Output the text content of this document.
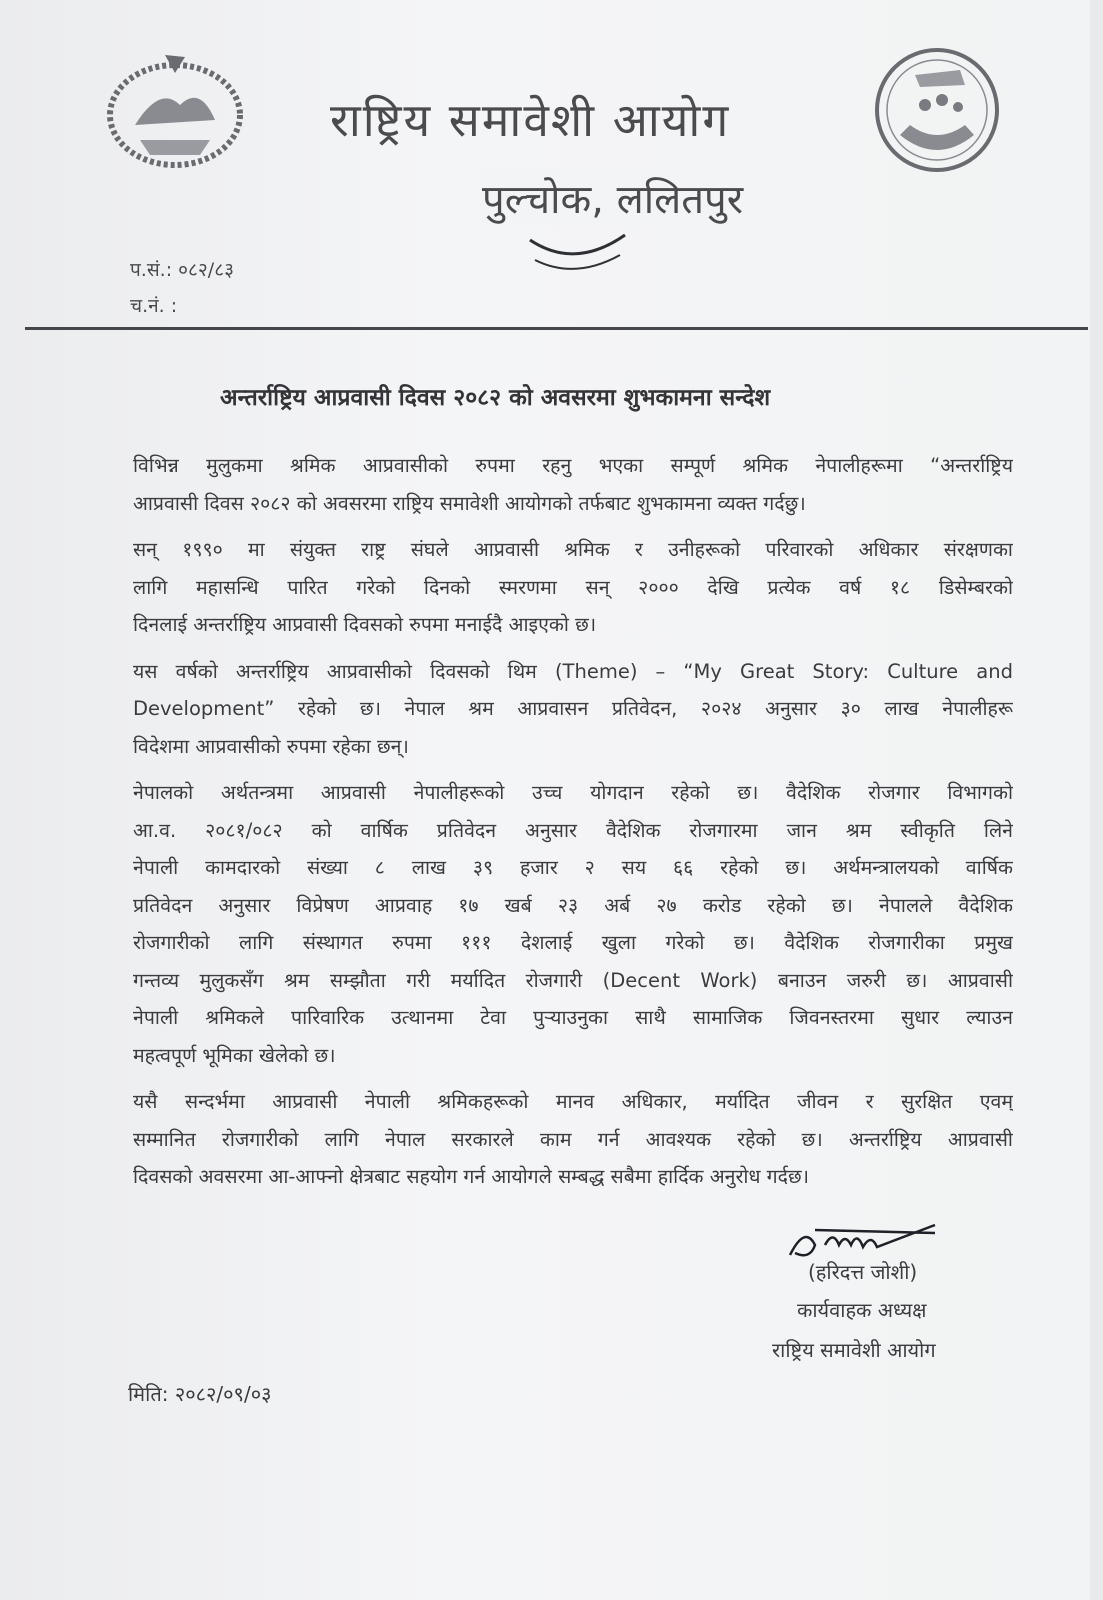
राष्ट्रिय समावेशी आयोग
पुल्चोक, ललितपुर
प.सं.: ०८२/८३
च.नं. :
अन्तर्राष्ट्रिय आप्रवासी दिवस २०८२ को अवसरमा शुभकामना सन्देश
विभिन्न मुलुकमा श्रमिक आप्रवासीको रुपमा रहनु भएका सम्पूर्ण श्रमिक नेपालीहरूमा “अन्तर्राष्ट्रिय
आप्रवासी दिवस २०८२ को अवसरमा राष्ट्रिय समावेशी आयोगको तर्फबाट शुभकामना व्यक्त गर्दछु।
सन् १९९० मा संयुक्त राष्ट्र संघले आप्रवासी श्रमिक र उनीहरूको परिवारको अधिकार संरक्षणका
लागि महासन्धि पारित गरेको दिनको स्मरणमा सन् २००० देखि प्रत्येक वर्ष १८ डिसेम्बरको
दिनलाई अन्तर्राष्ट्रिय आप्रवासी दिवसको रुपमा मनाईदै आइएको छ।
यस वर्षको अन्तर्राष्ट्रिय आप्रवासीको दिवसको थिम (Theme) – “My Great Story: Culture and
Development” रहेको छ। नेपाल श्रम आप्रवासन प्रतिवेदन, २०२४ अनुसार ३० लाख नेपालीहरू
विदेशमा आप्रवासीको रुपमा रहेका छन्।
नेपालको अर्थतन्त्रमा आप्रवासी नेपालीहरूको उच्च योगदान रहेको छ। वैदेशिक रोजगार विभागको
आ.व. २०८१/०८२ को वार्षिक प्रतिवेदन अनुसार वैदेशिक रोजगारमा जान श्रम स्वीकृति लिने
नेपाली कामदारको संख्या ८ लाख ३९ हजार २ सय ६६ रहेको छ। अर्थमन्त्रालयको वार्षिक
प्रतिवेदन अनुसार विप्रेषण आप्रवाह १७ खर्ब २३ अर्ब २७ करोड रहेको छ। नेपालले वैदेशिक
रोजगारीको लागि संस्थागत रुपमा १११ देशलाई खुला गरेको छ। वैदेशिक रोजगारीका प्रमुख
गन्तव्य मुलुकसँग श्रम सम्झौता गरी मर्यादित रोजगारी (Decent Work) बनाउन जरुरी छ। आप्रवासी
नेपाली श्रमिकले पारिवारिक उत्थानमा टेवा पुर्‍याउनुका साथै सामाजिक जिवनस्तरमा सुधार ल्याउन
महत्वपूर्ण भूमिका खेलेको छ।
यसै सन्दर्भमा आप्रवासी नेपाली श्रमिकहरूको मानव अधिकार, मर्यादित जीवन र सुरक्षित एवम्
सम्मानित रोजगारीको लागि नेपाल सरकारले काम गर्न आवश्यक रहेको छ। अन्तर्राष्ट्रिय आप्रवासी
दिवसको अवसरमा आ-आफ्नो क्षेत्रबाट सहयोग गर्न आयोगले सम्बद्ध सबैमा हार्दिक अनुरोध गर्दछ।
(हरिदत्त जोशी)
कार्यवाहक अध्यक्ष
राष्ट्रिय समावेशी आयोग
मिति: २०८२/०९/०३
